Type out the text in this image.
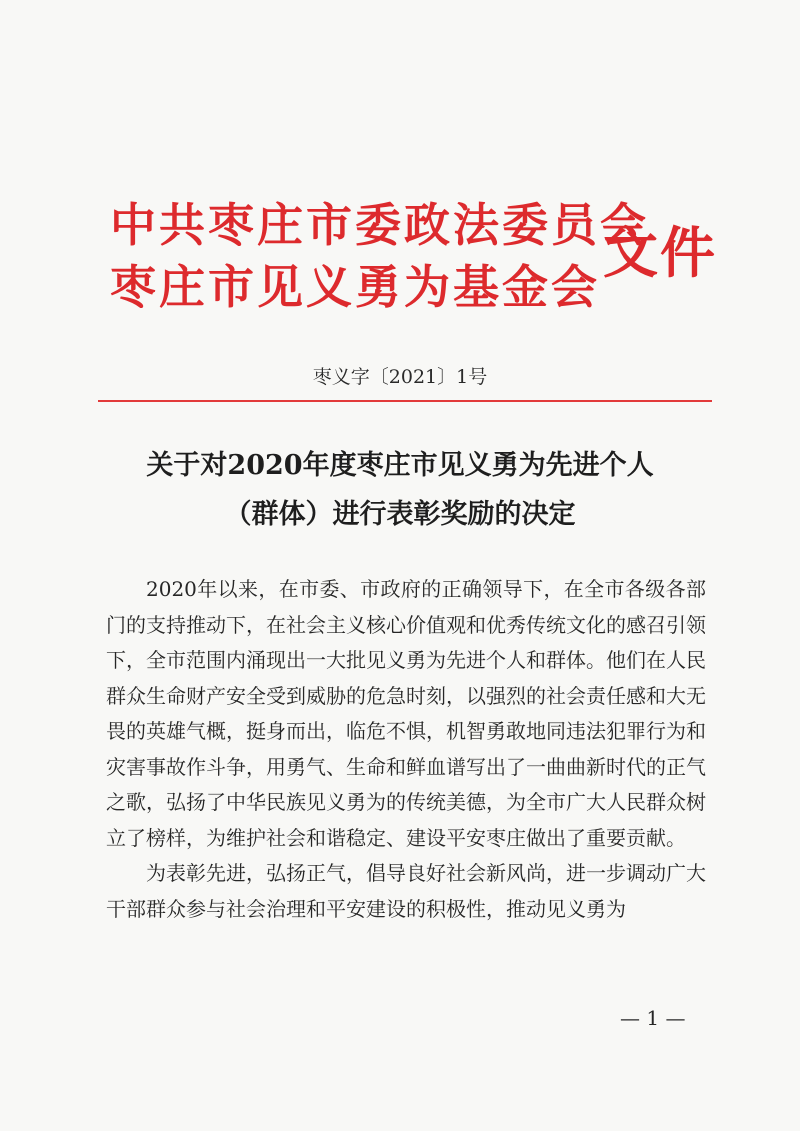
中共枣庄市委政法委员会
枣庄市见义勇为基金会
文件
枣义字〔2021〕1号
关于对2020年度枣庄市见义勇为先进个人
（群体）进行表彰奖励的决定

2020年以来，在市委、市政府的正确领导下，在全市各级各部门的支持推动下，在社会主义核心价值观和优秀传统文化的感召引领下，全市范围内涌现出一大批见义勇为先进个人和群体。他们在人民群众生命财产安全受到威胁的危急时刻，以强烈的社会责任感和大无畏的英雄气概，挺身而出，临危不惧，机智勇敢地同违法犯罪行为和灾害事故作斗争，用勇气、生命和鲜血谱写出了一曲曲新时代的正气之歌，弘扬了中华民族见义勇为的传统美德，为全市广大人民群众树立了榜样，为维护社会和谐稳定、建设平安枣庄做出了重要贡献。

为表彰先进，弘扬正气，倡导良好社会新风尚，进一步调动广大干部群众参与社会治理和平安建设的积极性，推动见义勇为

— 1 —
